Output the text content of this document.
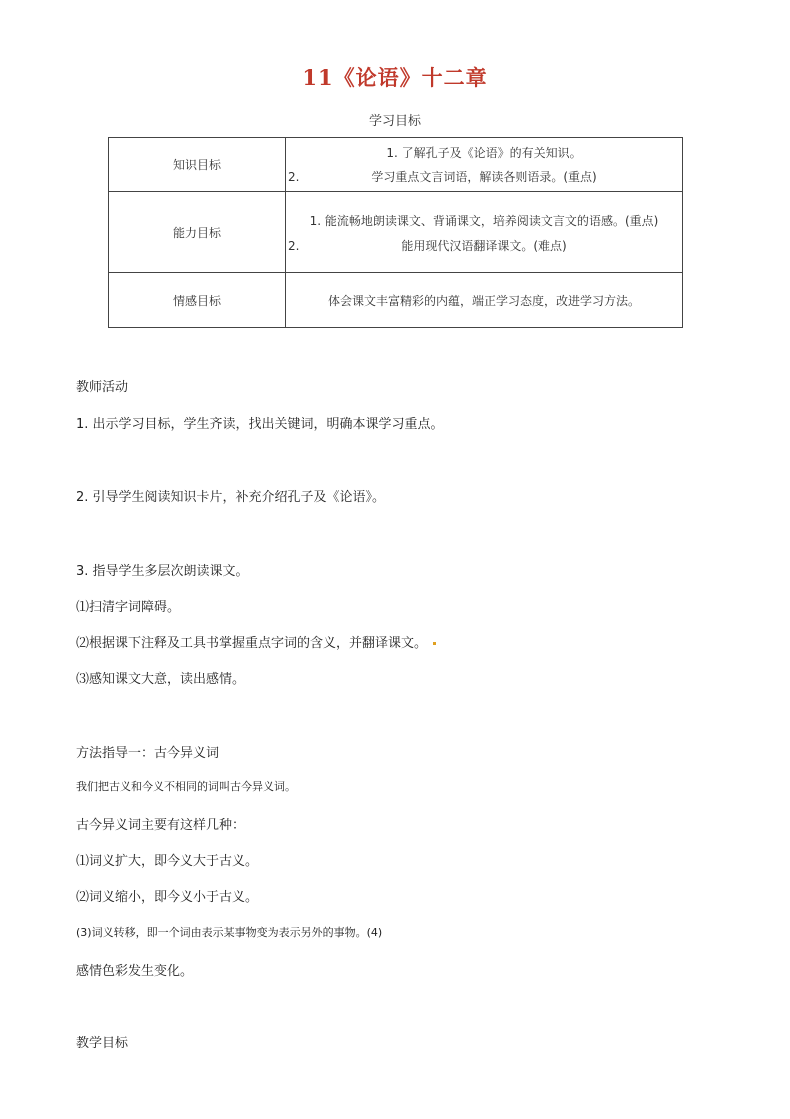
11《论语》十二章
学习目标
知识目标	1. 了解孔子及《论语》的有关知识。
2. 学习重点文言词语，解读各则语录。(重点)

能力目标	1. 能流畅地朗读课文、背诵课文，培养阅读文言文的语感。(重点)
2. 能用现代汉语翻译课文。(难点)

情感目标	体会课文丰富精彩的内蕴，端正学习态度，改进学习方法。
教师活动
1. 出示学习目标，学生齐读，找出关键词，明确本课学习重点。
2. 引导学生阅读知识卡片，补充介绍孔子及《论语》。
3. 指导学生多层次朗读课文。
⑴扫清字词障碍。
⑵根据课下注释及工具书掌握重点字词的含义，并翻译课文。
⑶感知课文大意，读出感情。
方法指导一：古今异义词
我们把古义和今义不相同的词叫古今异义词。
古今异义词主要有这样几种：
⑴词义扩大，即今义大于古义。
⑵词义缩小，即今义小于古义。
(3)词义转移，即一个词由表示某事物变为表示另外的事物。(4)
感情色彩发生变化。
教学目标
